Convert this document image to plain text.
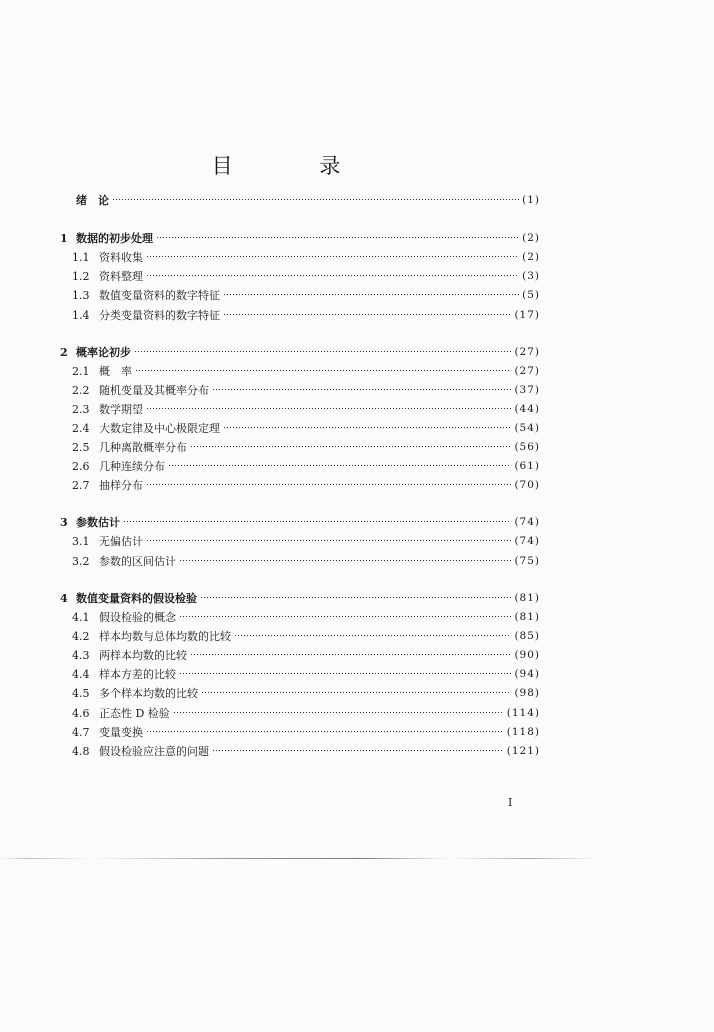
目 录
绪　论	(1)
1 数据的初步处理	(2)
1.1 资料收集	(2)
1.2 资料整理	(3)
1.3 数值变量资料的数字特征	(5)
1.4 分类变量资料的数字特征	(17)
2 概率论初步	(27)
2.1 概　率	(27)
2.2 随机变量及其概率分布	(37)
2.3 数学期望	(44)
2.4 大数定律及中心极限定理	(54)
2.5 几种离散概率分布	(56)
2.6 几种连续分布	(61)
2.7 抽样分布	(70)
3 参数估计	(74)
3.1 无偏估计	(74)
3.2 参数的区间估计	(75)
4 数值变量资料的假设检验	(81)
4.1 假设检验的概念	(81)
4.2 样本均数与总体均数的比较	(85)
4.3 两样本均数的比较	(90)
4.4 样本方差的比较	(94)
4.5 多个样本均数的比较	(98)
4.6 正态性 D 检验	(114)
4.7 变量变换	(118)
4.8 假设检验应注意的问题	(121)
I
